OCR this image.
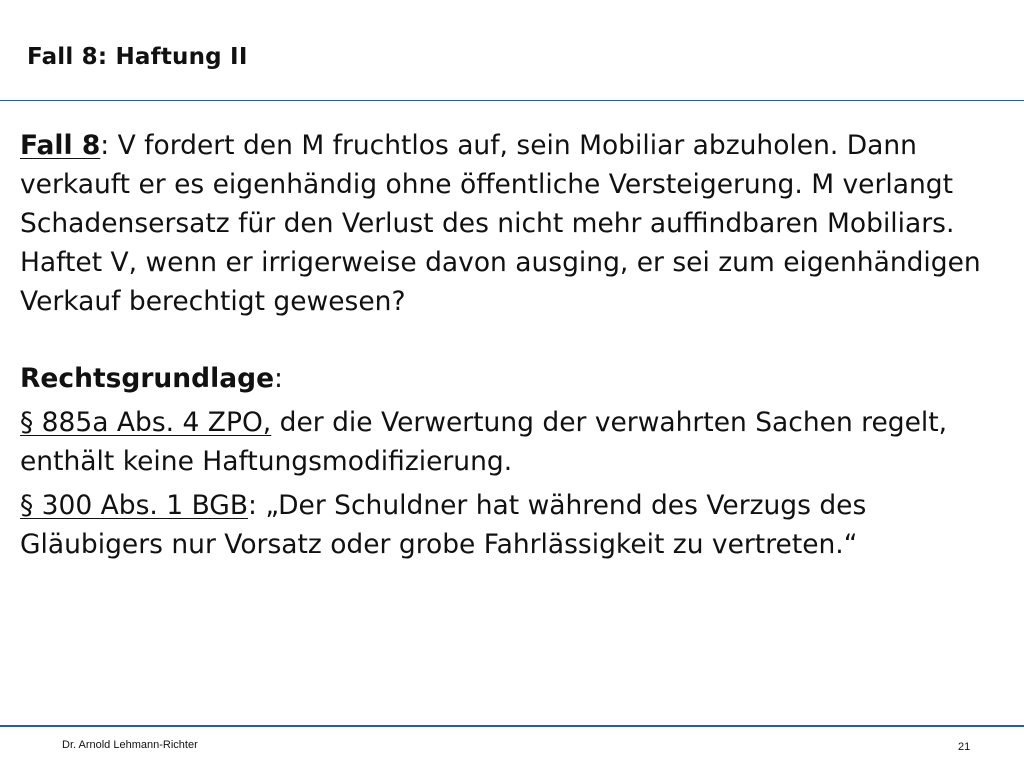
Fall 8: Haftung II

Fall 8: V fordert den M fruchtlos auf, sein Mobiliar abzuholen. Dann verkauft er es eigenhändig ohne öffentliche Versteigerung. M verlangt Schadensersatz für den Verlust des nicht mehr auffindbaren Mobiliars. Haftet V, wenn er irrigerweise davon ausging, er sei zum eigenhändigen Verkauf berechtigt gewesen?

Rechtsgrundlage:

§ 885a Abs. 4 ZPO, der die Verwertung der verwahrten Sachen regelt, enthält keine Haftungsmodifizierung.

§ 300 Abs. 1 BGB: „Der Schuldner hat während des Verzugs des Gläubigers nur Vorsatz oder grobe Fahrlässigkeit zu vertreten.“

Dr. Arnold Lehmann-Richter	21
